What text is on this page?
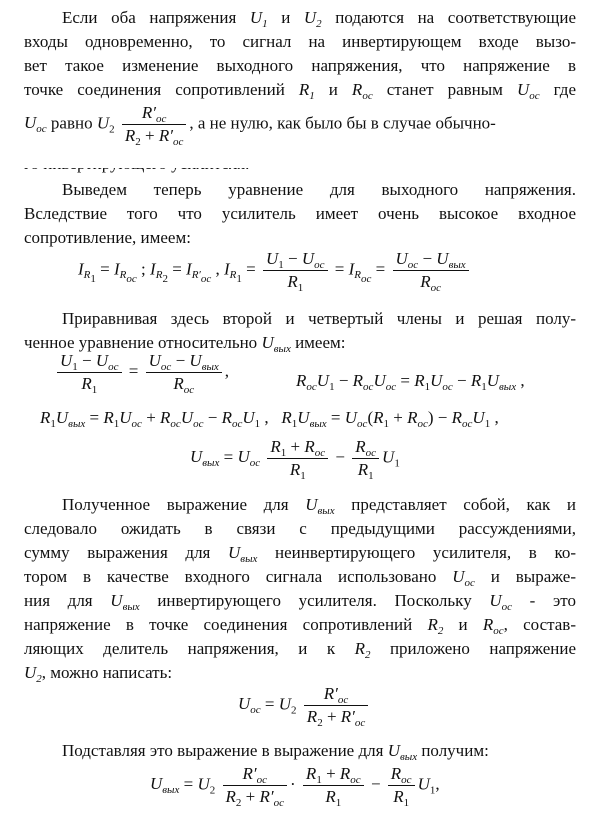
Если оба напряжения $U_1$ и $U_2$ подаются на соответствующие
входы одновременно, то сигнал на инвертирующем входе вызо-
вет такое изменение выходного напряжения, что напряжение в
точке соединения сопротивлений $R_1$ и $R_{ос}$ станет равным $U_{ос}$ где
$U_{ос}$ равно $U_2 \frac{R'_{oc}}{R_2 + R'_{oc}}$ , а не нулю, как было бы в случае обычно-
Выведем теперь уравнение для выходного напряжения.
Вследствие того что усилитель имеет очень высокое входное
сопротивление, имеем:
$I_{R_1} = I_{R_{oc}}$ ; $I_{R_2} = I_{R'_{oc}}$ , $I_{R_1} = \frac{U_1 - U_{oc}}{R_1} = I_{R_{oc}} = \frac{U_{oc} - U_{вых}}{R_{oc}}$
Приравнивая здесь второй и четвертый члены и решая полу-
ченное уравнение относительно $U_{вых}$ имеем:
$\frac{U_1 - U_{oc}}{R_1} = \frac{U_{oc} - U_{вых}}{R_{oc}}$ ,
$R_{oc}U_1 - R_{oc}U_{oc} = R_1U_{oc} - R_1U_{вых}$ ,
$R_1U_{вых} = R_1U_{oc} + R_{oc}U_{oc} - R_{oc}U_1$ ,   $R_1U_{вых} = U_{oc}(R_1 + R_{oc}) - R_{oc}U_1$ ,
$U_{вых} = U_{oc} \frac{R_1 + R_{oc}}{R_1} - \frac{R_{oc}}{R_1} U_1$
Полученное выражение для $U_{вых}$ представляет собой, как и
следовало ожидать в связи с предыдущими рассуждениями,
сумму выражения для $U_{вых}$ неинвертирующего усилителя, в ко-
тором в качестве входного сигнала использовано $U_{ос}$ и выраже-
ния для $U_{вых}$ инвертирующего усилителя. Поскольку $U_{ос}$ - это
напряжение в точке соединения сопротивлений $R_2$ и $R_{ос}$, состав-
ляющих делитель напряжения, и к $R_2$ приложено напряжение
$U_2$, можно написать:
$U_{oc} = U_2 \frac{R'_{oc}}{R_2 + R'_{oc}}$
Подставляя это выражение в выражение для $U_{вых}$ получим:
$U_{вых} = U_2 \frac{R'_{oc}}{R_2 + R'_{oc}} \cdot \frac{R_1 + R_{oc}}{R_1} - \frac{R_{oc}}{R_1} U_1$,
